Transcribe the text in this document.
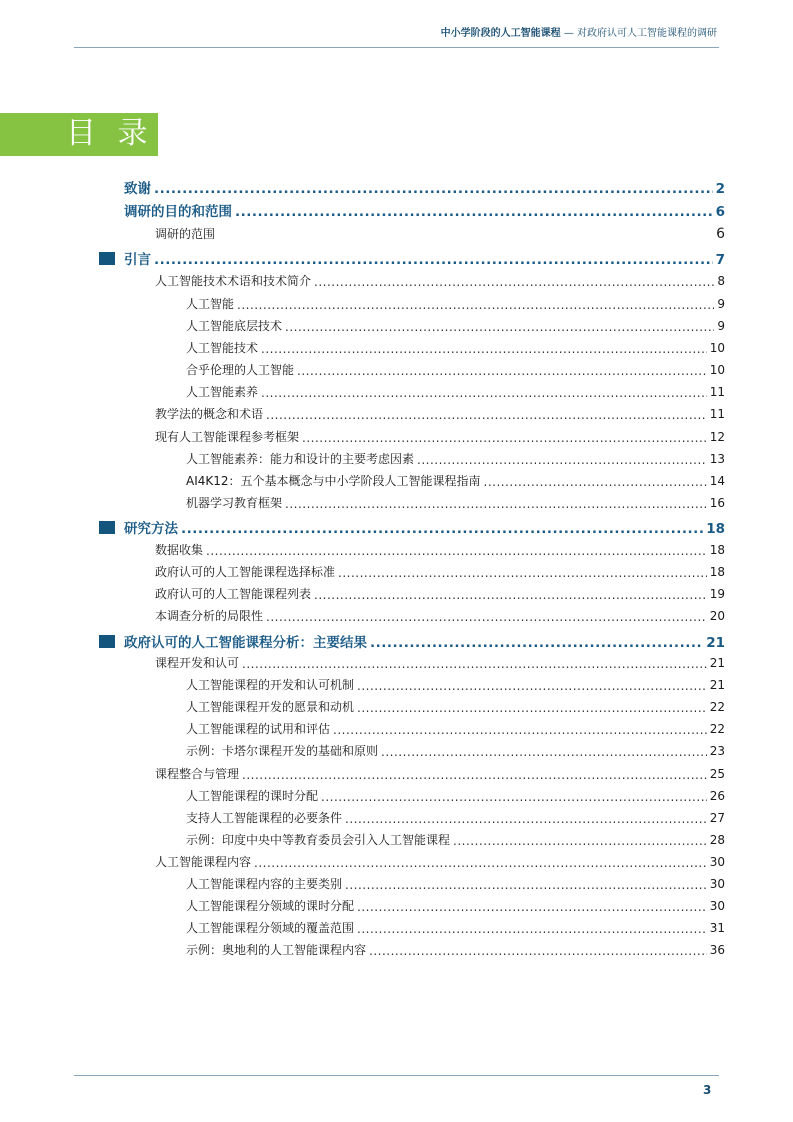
中小学阶段的人工智能课程 — 对政府认可人工智能课程的调研
目 录
致谢 .....	2
调研的目的和范围 .....	6
调研的范围	6
引言 .....	7
人工智能技术术语和技术简介 .....	8
人工智能 .....	9
人工智能底层技术 .....	9
人工智能技术 .....	10
合乎伦理的人工智能 .....	10
人工智能素养 .....	11
教学法的概念和术语 .....	11
现有人工智能课程参考框架 .....	12
人工智能素养：能力和设计的主要考虑因素 .....	13
AI4K12：五个基本概念与中小学阶段人工智能课程指南 .....	14
机器学习教育框架 .....	16
研究方法 .....	18
数据收集 .....	18
政府认可的人工智能课程选择标准 .....	18
政府认可的人工智能课程列表 .....	19
本调查分析的局限性 .....	20
政府认可的人工智能课程分析：主要结果 .....	21
课程开发和认可 .....	21
人工智能课程的开发和认可机制 .....	21
人工智能课程开发的愿景和动机 .....	22
人工智能课程的试用和评估 .....	22
示例：卡塔尔课程开发的基础和原则 .....	23
课程整合与管理 .....	25
人工智能课程的课时分配 .....	26
支持人工智能课程的必要条件 .....	27
示例：印度中央中等教育委员会引入人工智能课程 .....	28
人工智能课程内容 .....	30
人工智能课程内容的主要类别 .....	30
人工智能课程分领域的课时分配 .....	30
人工智能课程分领域的覆盖范围 .....	31
示例：奥地利的人工智能课程内容 .....	36
3
